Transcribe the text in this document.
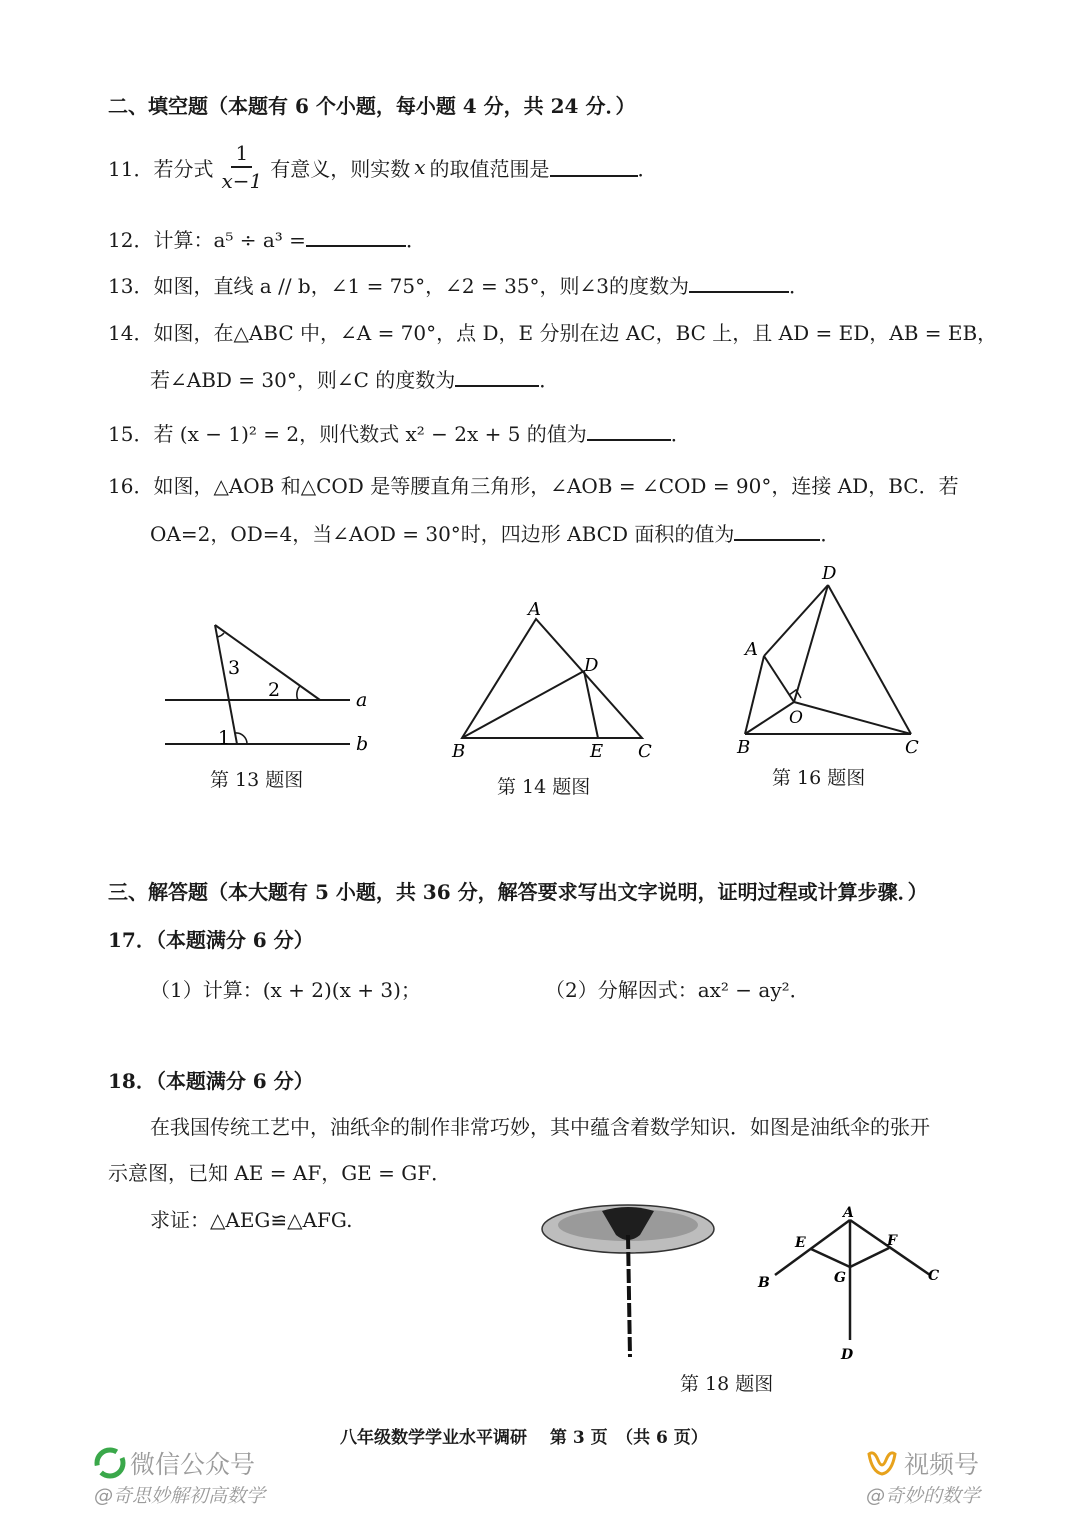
二、填空题（本题有 6 个小题，每小题 4 分，共 24 分．）
11． 若分式 $\frac{1}{x-1}$ 有意义，则实数 x 的取值范围是	．
12．计算：a⁵ ÷ a³ =	．
13．如图，直线 a // b，∠1 = 75°，∠2 = 35°，则∠3的度数为	．
14．如图，在△ABC 中，∠A = 70°，点 D，E 分别在边 AC，BC 上，且 AD = ED，AB = EB，
若∠ABD = 30°，则∠C 的度数为	．
15．若 (x − 1)² = 2，则代数式 x² − 2x + 5 的值为	．
16．如图，△AOB 和△COD 是等腰直角三角形，∠AOB = ∠COD = 90°，连接 AD，BC．若
OA=2，OD=4，当∠AOD = 30°时，四边形 ABCD 面积的值为	．
3
2
1
a
b
第 13 题图
A
D
B	E C
第 14 题图
D
A
O
B	C
第 16 题图
三、解答题（本大题有 5 小题，共 36 分，解答要求写出文字说明，证明过程或计算步骤．）
17．（本题满分 6 分）
（1）计算：(x + 2)(x + 3)；	（2）分解因式：ax² − ay²．
18．（本题满分 6 分）
在我国传统工艺中，油纸伞的制作非常巧妙，其中蕴含着数学知识．如图是油纸伞的张开
示意图，已知 AE = AF，GE = GF．
求证：△AEG≌△AFG.	A
E	F
G
B	C
D
第 18 题图
八年级数学学业水平调研　 第 3 页　（共 6 页）
微信公众号
@奇思妙解初高数学
视频号
@奇妙的数学
